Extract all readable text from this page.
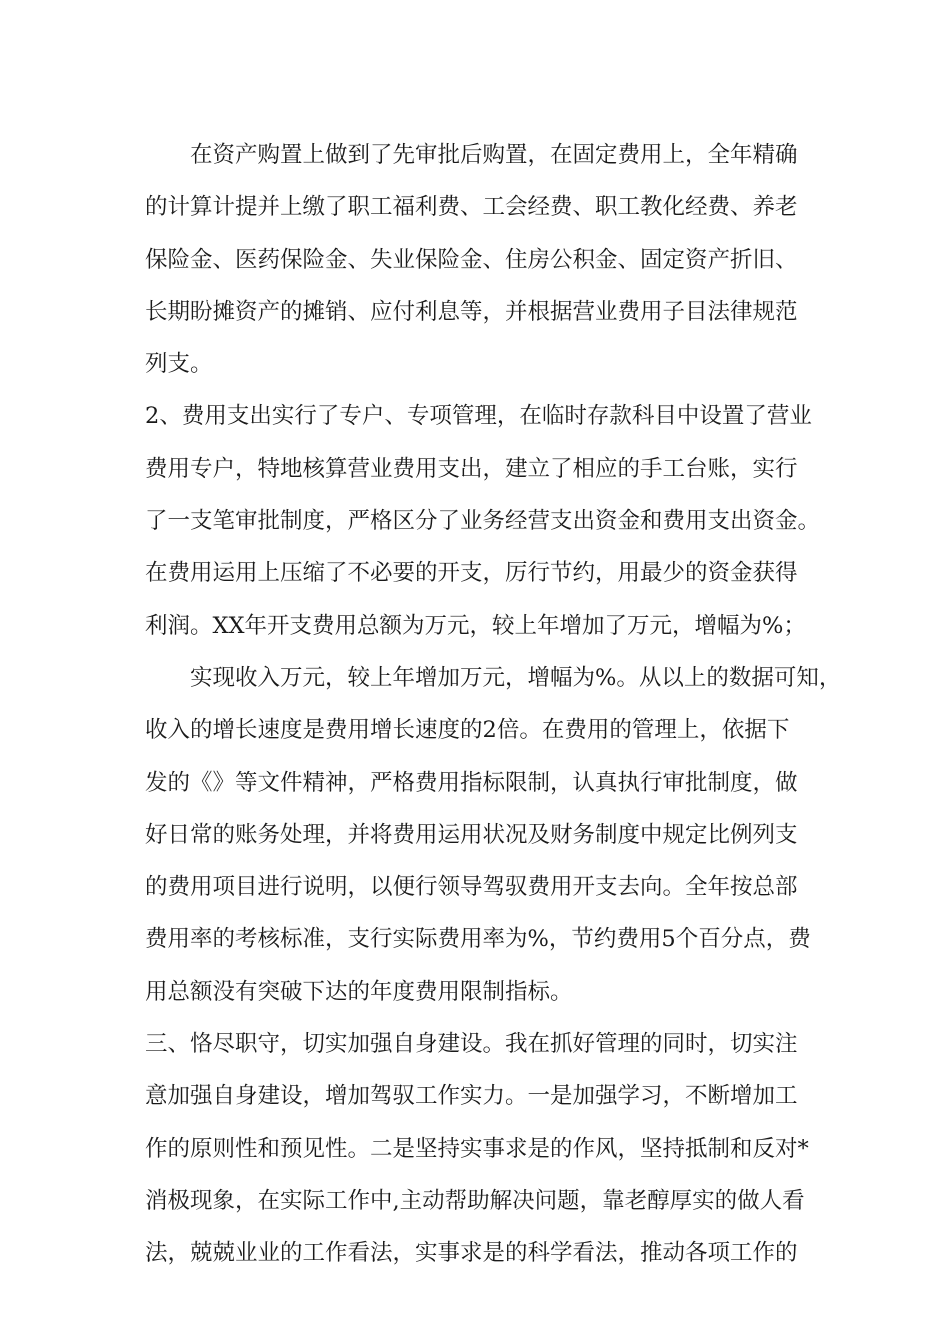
在资产购置上做到了先审批后购置，在固定费用上，全年精确
的计算计提并上缴了职工福利费、工会经费、职工教化经费、养老
保险金、医药保险金、失业保险金、住房公积金、固定资产折旧、
长期盼摊资产的摊销、应付利息等，并根据营业费用子目法律规范
列支。
2、费用支出实行了专户、专项管理，在临时存款科目中设置了营业
费用专户，特地核算营业费用支出，建立了相应的手工台账，实行
了一支笔审批制度，严格区分了业务经营支出资金和费用支出资金。
在费用运用上压缩了不必要的开支，厉行节约，用最少的资金获得
利润。XX年开支费用总额为万元，较上年增加了万元，增幅为%；
实现收入万元，较上年增加万元，增幅为%。从以上的数据可知，
收入的增长速度是费用增长速度的2倍。在费用的管理上，依据下
发的《》等文件精神，严格费用指标限制，认真执行审批制度，做
好日常的账务处理，并将费用运用状况及财务制度中规定比例列支
的费用项目进行说明，以便行领导驾驭费用开支去向。全年按总部
费用率的考核标准，支行实际费用率为%，节约费用5个百分点，费
用总额没有突破下达的年度费用限制指标。
三、恪尽职守，切实加强自身建设。我在抓好管理的同时，切实注
意加强自身建设，增加驾驭工作实力。一是加强学习，不断增加工
作的原则性和预见性。二是坚持实事求是的作风，坚持抵制和反对*
消极现象，在实际工作中,主动帮助解决问题，靠老醇厚实的做人看
法，兢兢业业的工作看法，实事求是的科学看法，推动各项工作的
